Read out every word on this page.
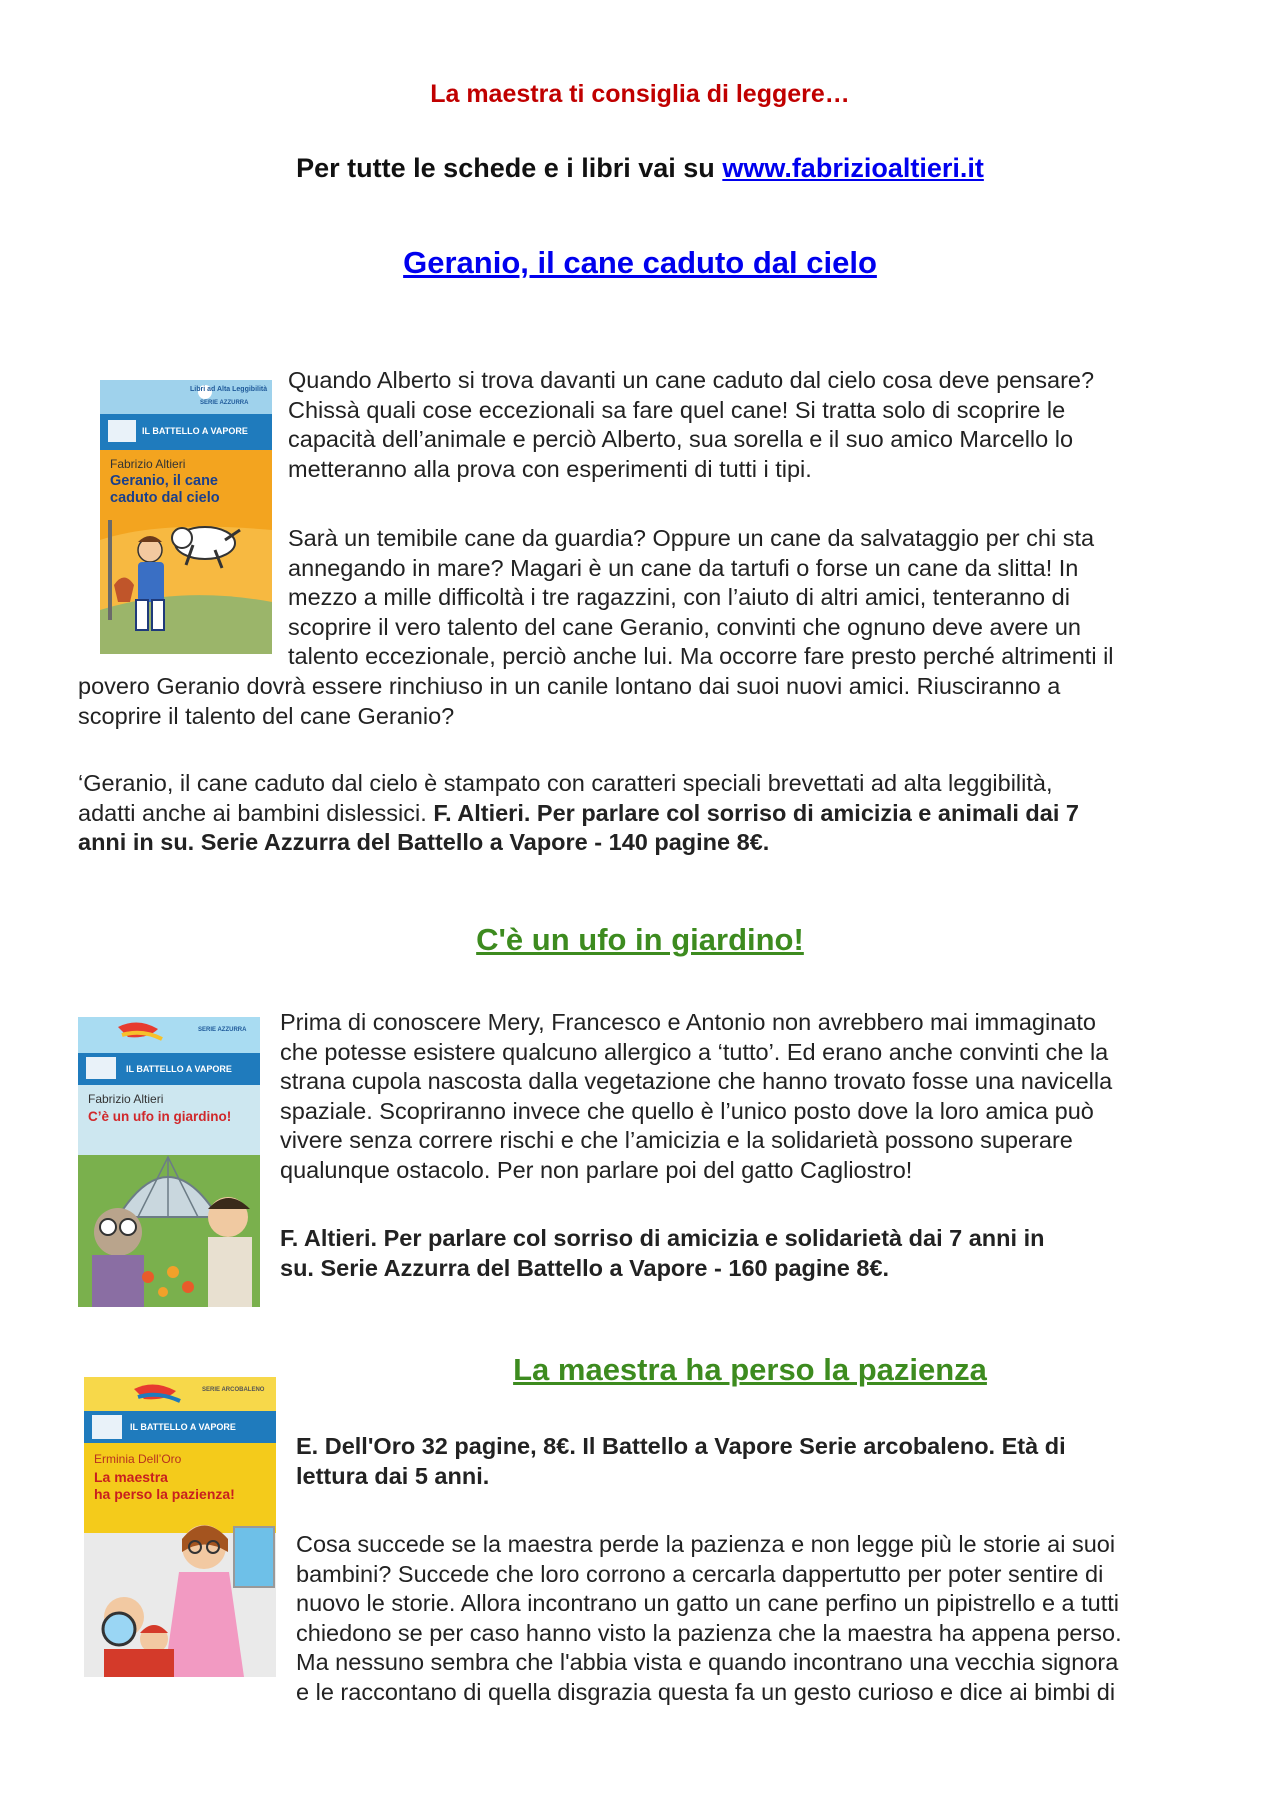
La maestra ti consiglia di leggere…
Per tutte le schede e i libri vai su www.fabrizioaltieri.it
Geranio, il cane caduto dal cielo
Libri ad Alta Leggibilità
SERIE AZZURRA
IL BATTELLO A VAPORE
Fabrizio Altieri
Geranio, il cane
caduto dal cielo

Quando Alberto si trova davanti un cane caduto dal cielo cosa deve pensare?

Chissà quali cose eccezionali sa fare quel cane! Si tratta solo di scoprire le

capacità dell’animale e perciò Alberto, sua sorella e il suo amico Marcello lo

metteranno alla prova con esperimenti di tutti i tipi.

Sarà un temibile cane da guardia? Oppure un cane da salvataggio per chi sta

annegando in mare? Magari è un cane da tartufi o forse un cane da slitta! In

mezzo a mille difficoltà i tre ragazzini, con l’aiuto di altri amici, tenteranno di

scoprire il vero talento del cane Geranio, convinti che ognuno deve avere un

talento eccezionale, perciò anche lui. Ma occorre fare presto perché altrimenti il

povero Geranio dovrà essere rinchiuso in un canile lontano dai suoi nuovi amici. Riusciranno a

scoprire il talento del cane Geranio?

‘Geranio, il cane caduto dal cielo è stampato con caratteri speciali brevettati ad alta leggibilità,

adatti anche ai bambini dislessici. F. Altieri. Per parlare col sorriso di amicizia e animali dai 7

anni in su. Serie Azzurra del Battello a Vapore - 140 pagine 8€.

C'è un ufo in giardino!
SERIE AZZURRA
IL BATTELLO A VAPORE
Fabrizio Altieri
C’è un ufo in giardino!

Prima di conoscere Mery, Francesco e Antonio non avrebbero mai immaginato

che potesse esistere qualcuno allergico a ‘tutto’. Ed erano anche convinti che la

strana cupola nascosta dalla vegetazione che hanno trovato fosse una navicella

spaziale. Scopriranno invece che quello è l’unico posto dove la loro amica può

vivere senza correre rischi e che l’amicizia e la solidarietà possono superare

qualunque ostacolo. Per non parlare poi del gatto Cagliostro!

F. Altieri. Per parlare col sorriso di amicizia e solidarietà dai 7 anni in

su. Serie Azzurra del Battello a Vapore - 160 pagine 8€.

La maestra ha perso la pazienza
SERIE ARCOBALENO
IL BATTELLO A VAPORE
Erminia Dell’Oro
La maestra
ha perso la pazienza!

E. Dell'Oro 32 pagine, 8€. Il Battello a Vapore Serie arcobaleno. Età di

lettura dai 5 anni.

Cosa succede se la maestra perde la pazienza e non legge più le storie ai suoi

bambini? Succede che loro corrono a cercarla dappertutto per poter sentire di

nuovo le storie. Allora incontrano un gatto un cane perfino un pipistrello e a tutti

chiedono se per caso hanno visto la pazienza che la maestra ha appena perso.

Ma nessuno sembra che l'abbia vista e quando incontrano una vecchia signora

e le raccontano di quella disgrazia questa fa un gesto curioso e dice ai bimbi di
